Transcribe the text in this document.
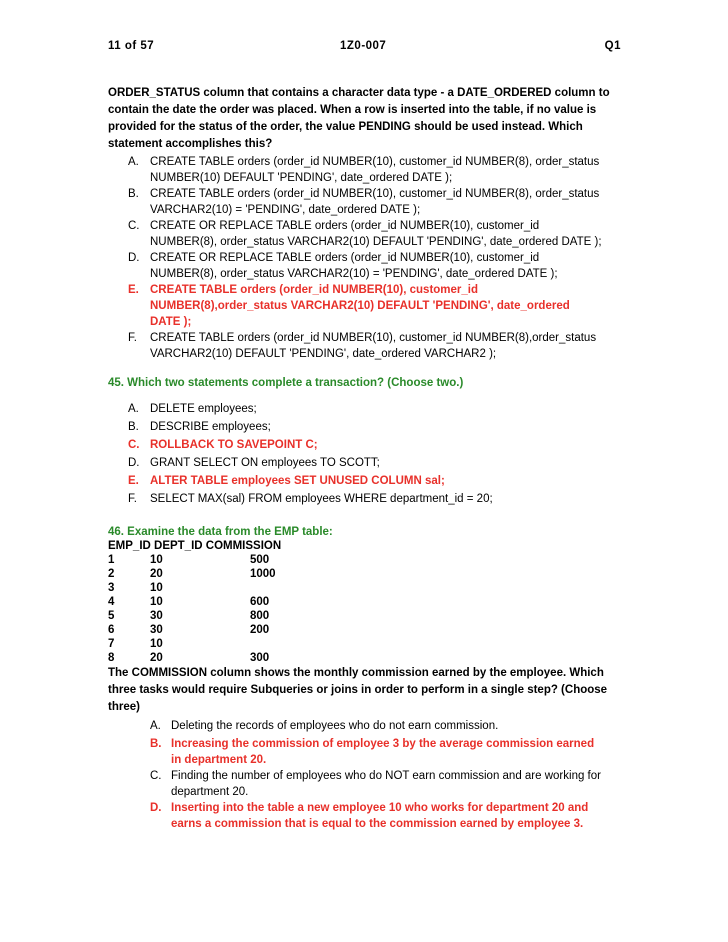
11 of 57	1Z0-007	Q1
ORDER_STATUS column that contains a character data type - a DATE_ORDERED column to contain the date the order was placed. When a row is inserted into the table, if no value is provided for the status of the order, the value PENDING should be used instead. Which statement accomplishes this?
A. CREATE TABLE orders (order_id NUMBER(10), customer_id NUMBER(8), order_status
NUMBER(10) DEFAULT 'PENDING', date_ordered DATE );
B. CREATE TABLE orders (order_id NUMBER(10), customer_id NUMBER(8), order_status
VARCHAR2(10) = 'PENDING', date_ordered DATE );
C. CREATE OR REPLACE TABLE orders (order_id NUMBER(10), customer_id
NUMBER(8), order_status VARCHAR2(10) DEFAULT 'PENDING', date_ordered DATE );
D. CREATE OR REPLACE TABLE orders (order_id NUMBER(10), customer_id
NUMBER(8), order_status VARCHAR2(10) = 'PENDING', date_ordered DATE );
E. CREATE TABLE orders (order_id NUMBER(10), customer_id
NUMBER(8),order_status VARCHAR2(10) DEFAULT 'PENDING', date_ordered
DATE );
F. CREATE TABLE orders (order_id NUMBER(10), customer_id NUMBER(8),order_status
VARCHAR2(10) DEFAULT 'PENDING', date_ordered VARCHAR2 );
45. Which two statements complete a transaction? (Choose two.)
A. DELETE employees;
B. DESCRIBE employees;
C. ROLLBACK TO SAVEPOINT C;
D. GRANT SELECT ON employees TO SCOTT;
E. ALTER TABLE employees SET UNUSED COLUMN sal;
F. SELECT MAX(sal) FROM employees WHERE department_id = 20;
46. Examine the data from the EMP table:
EMP_ID DEPT_ID COMMISSION
1	10	500
2	20	1000
3	10
4	10	600
5	30	800
6	30	200
7	10
8	20	300
The COMMISSION column shows the monthly commission earned by the employee. Which three tasks would require Subqueries or joins in order to perform in a single step? (Choose three)
A. Deleting the records of employees who do not earn commission.
B. Increasing the commission of employee 3 by the average commission earned
in department 20.
C. Finding the number of employees who do NOT earn commission and are working for
department 20.
D. Inserting into the table a new employee 10 who works for department 20 and
earns a commission that is equal to the commission earned by employee 3.
